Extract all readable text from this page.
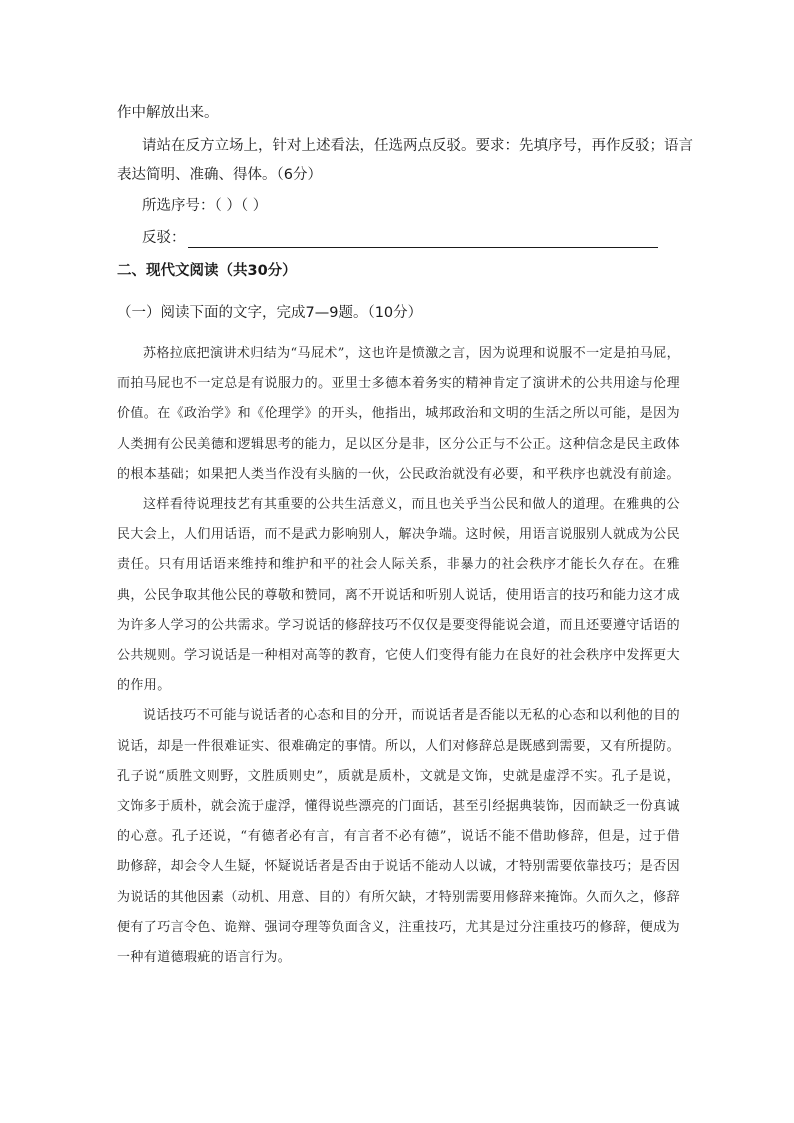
作中解放出来。
请站在反方立场上，针对上述看法，任选两点反驳。要求：先填序号，再作反驳；语言
表达简明、准确、得体。（6分）
所选序号：（ ）（ ）
反驳：
二、现代文阅读（共30分）
（一）阅读下面的文字，完成7—9题。（10分）

苏格拉底把演讲术归结为“马屁术”，这也许是愤激之言，因为说理和说服不一定是拍马屁，而拍马屁也不一定总是有说服力的。亚里士多德本着务实的精神肯定了演讲术的公共用途与伦理价值。在《政治学》和《伦理学》的开头，他指出，城邦政治和文明的生活之所以可能，是因为人类拥有公民美德和逻辑思考的能力，足以区分是非，区分公正与不公正。这种信念是民主政体的根本基础；如果把人类当作没有头脑的一伙，公民政治就没有必要，和平秩序也就没有前途。

这样看待说理技艺有其重要的公共生活意义，而且也关乎当公民和做人的道理。在雅典的公民大会上，人们用话语，而不是武力影响别人，解决争端。这时候，用语言说服别人就成为公民责任。只有用话语来维持和维护和平的社会人际关系，非暴力的社会秩序才能长久存在。在雅典，公民争取其他公民的尊敬和赞同，离不开说话和听别人说话，使用语言的技巧和能力这才成为许多人学习的公共需求。学习说话的修辞技巧不仅仅是要变得能说会道，而且还要遵守话语的公共规则。学习说话是一种相对高等的教育，它使人们变得有能力在良好的社会秩序中发挥更大的作用。

说话技巧不可能与说话者的心态和目的分开，而说话者是否能以无私的心态和以利他的目的说话，却是一件很难证实、很难确定的事情。所以，人们对修辞总是既感到需要，又有所提防。孔子说“质胜文则野，文胜质则史”，质就是质朴，文就是文饰，史就是虚浮不实。孔子是说，文饰多于质朴，就会流于虚浮，懂得说些漂亮的门面话，甚至引经据典装饰，因而缺乏一份真诚的心意。孔子还说，“有德者必有言，有言者不必有德”，说话不能不借助修辞，但是，过于借助修辞，却会令人生疑，怀疑说话者是否由于说话不能动人以诚，才特别需要依靠技巧；是否因为说话的其他因素（动机、用意、目的）有所欠缺，才特别需要用修辞来掩饰。久而久之，修辞便有了巧言令色、诡辩、强词夺理等负面含义，注重技巧，尤其是过分注重技巧的修辞，便成为一种有道德瑕疵的语言行为。
